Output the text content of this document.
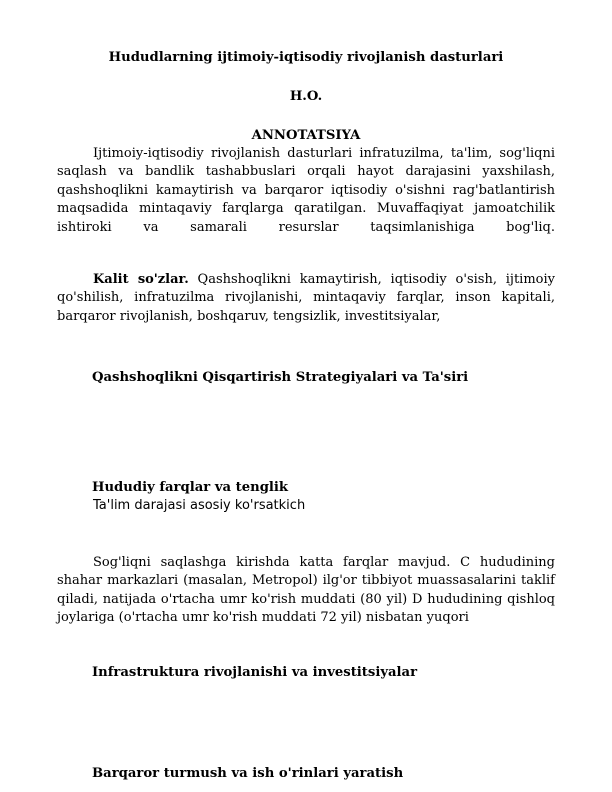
Hududlarning ijtimoiy-iqtisodiy rivojlanish dasturlari

H.O.

ANNOTATSIYA

Ijtimoiy-iqtisodiy rivojlanish dasturlari infratuzilma, ta'lim, sog'liqni saqlash va bandlik tashabbuslari orqali hayot darajasini yaxshilash, qashshoqlikni kamaytirish va barqaror iqtisodiy o'sishni rag'batlantirish maqsadida mintaqaviy farqlarga qaratilgan. Muvaffaqiyat jamoatchilik ishtiroki va samarali resurslar taqsimlanishiga bog'liq.

Kalit so'zlar. Qashshoqlikni kamaytirish, iqtisodiy o'sish, ijtimoiy qo'shilish, infratuzilma rivojlanishi, mintaqaviy farqlar, inson kapitali, barqaror rivojlanish, boshqaruv, tengsizlik, investitsiyalar,

Qashshoqlikni Qisqartirish Strategiyalari va Ta'siri

Hududiy farqlar va tenglik

Ta'lim darajasi asosiy ko'rsatkich

Sog'liqni saqlashga kirishda katta farqlar mavjud. C hududining shahar markazlari (masalan, Metropol) ilg'or tibbiyot muassasalarini taklif qiladi, natijada o'rtacha umr ko'rish muddati (80 yil) D hududining qishloq joylariga (o'rtacha umr ko'rish muddati 72 yil) nisbatan yuqori

Infrastruktura rivojlanishi va investitsiyalar

Barqaror turmush va ish o'rinlari yaratish
